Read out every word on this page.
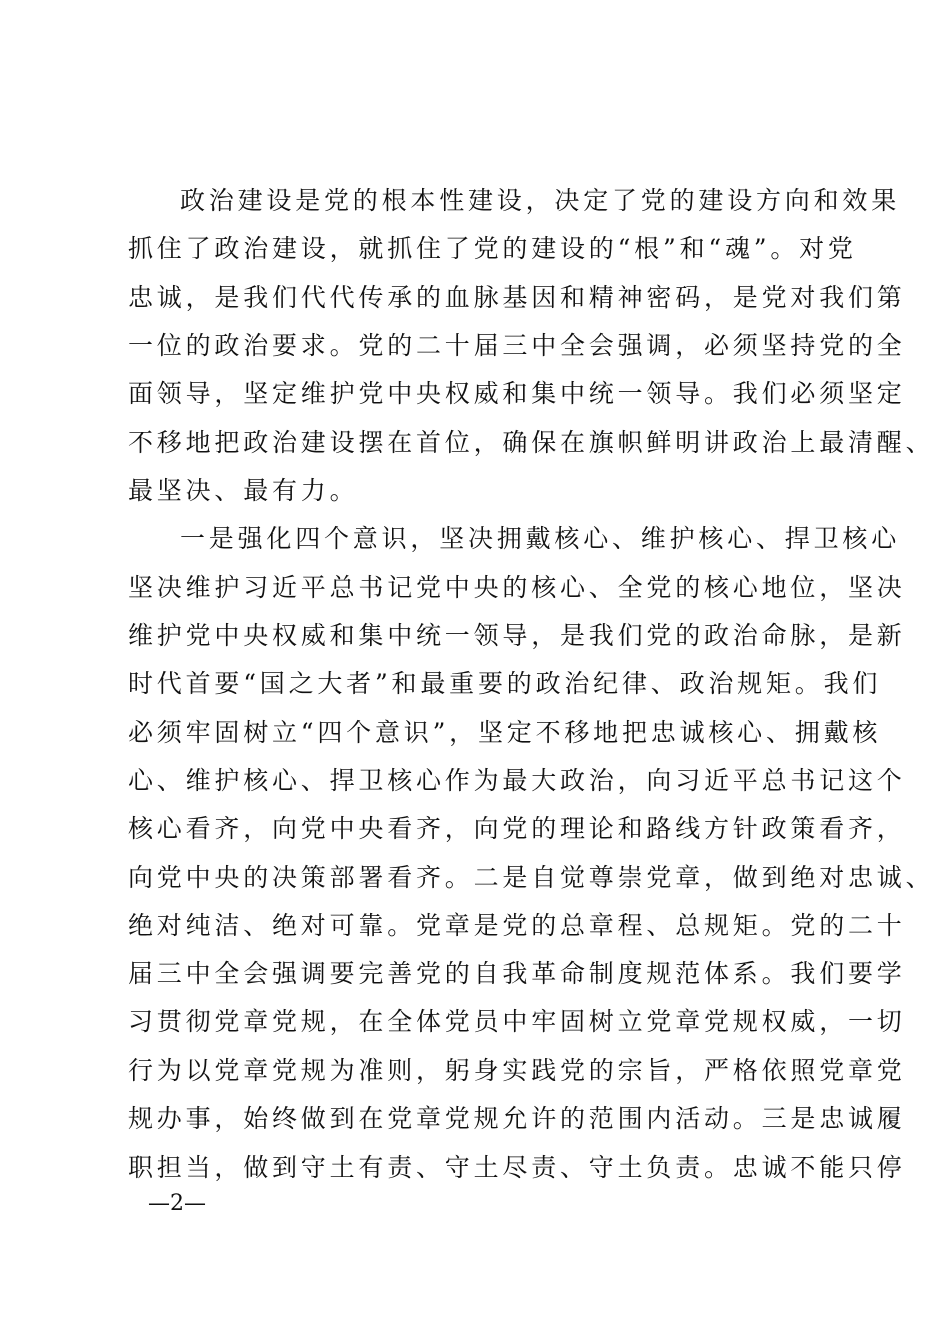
政治建设是党的根本性建设，决定了党的建设方向和效果
抓住了政治建设，就抓住了党的建设的“根”和“魂”。对党
忠诚，是我们代代传承的血脉基因和精神密码，是党对我们第
一位的政治要求。党的二十届三中全会强调，必须坚持党的全
面领导，坚定维护党中央权威和集中统一领导。我们必须坚定
不移地把政治建设摆在首位，确保在旗帜鲜明讲政治上最清醒、
最坚决、最有力。
一是强化四个意识，坚决拥戴核心、维护核心、捍卫核心
坚决维护习近平总书记党中央的核心、全党的核心地位，坚决
维护党中央权威和集中统一领导，是我们党的政治命脉，是新
时代首要“国之大者”和最重要的政治纪律、政治规矩。我们
必须牢固树立“四个意识”，坚定不移地把忠诚核心、拥戴核
心、维护核心、捍卫核心作为最大政治，向习近平总书记这个
核心看齐，向党中央看齐，向党的理论和路线方针政策看齐，
向党中央的决策部署看齐。二是自觉尊崇党章，做到绝对忠诚、
绝对纯洁、绝对可靠。党章是党的总章程、总规矩。党的二十
届三中全会强调要完善党的自我革命制度规范体系。我们要学
习贯彻党章党规，在全体党员中牢固树立党章党规权威，一切
行为以党章党规为准则，躬身实践党的宗旨，严格依照党章党
规办事，始终做到在党章党规允许的范围内活动。三是忠诚履
职担当，做到守土有责、守土尽责、守土负责。忠诚不能只停
—2—
